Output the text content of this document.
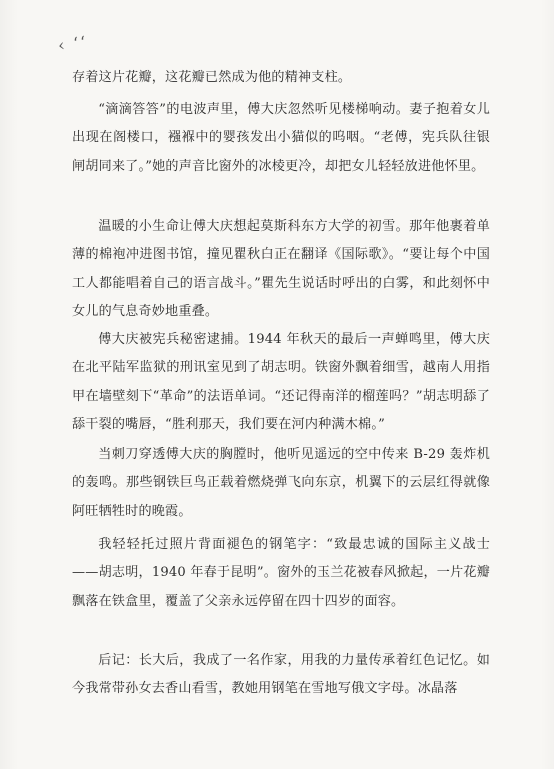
‹ ʻʻ

存着这片花瓣，这花瓣已然成为他的精神支柱。

“滴滴答答”的电波声里，傅大庆忽然听见楼梯响动。妻子抱着女儿出现在阁楼口，襁褓中的婴孩发出小猫似的呜咽。“老傅，宪兵队往银闸胡同来了。”她的声音比窗外的冰棱更冷，却把女儿轻轻放进他怀里。

温暖的小生命让傅大庆想起莫斯科东方大学的初雪。那年他裹着单薄的棉袍冲进图书馆，撞见瞿秋白正在翻译《国际歌》。“要让每个中国工人都能唱着自己的语言战斗。”瞿先生说话时呼出的白雾，和此刻怀中女儿的气息奇妙地重叠。

傅大庆被宪兵秘密逮捕。1944 年秋天的最后一声蝉鸣里，傅大庆在北平陆军监狱的刑讯室见到了胡志明。铁窗外飘着细雪，越南人用指甲在墙壁刻下“革命”的法语单词。“还记得南洋的榴莲吗？”胡志明舔了舔干裂的嘴唇，“胜利那天，我们要在河内种满木棉。”

当刺刀穿透傅大庆的胸膛时，他听见遥远的空中传来 B-29 轰炸机的轰鸣。那些钢铁巨鸟正载着燃烧弹飞向东京，机翼下的云层红得就像阿旺牺牲时的晚霞。

我轻轻托过照片背面褪色的钢笔字：“致最忠诚的国际主义战士——胡志明，1940 年春于昆明”。窗外的玉兰花被春风掀起，一片花瓣飘落在铁盒里，覆盖了父亲永远停留在四十四岁的面容。

后记：长大后，我成了一名作家，用我的力量传承着红色记忆。如今我常带孙女去香山看雪，教她用钢笔在雪地写俄文字母。冰晶落
